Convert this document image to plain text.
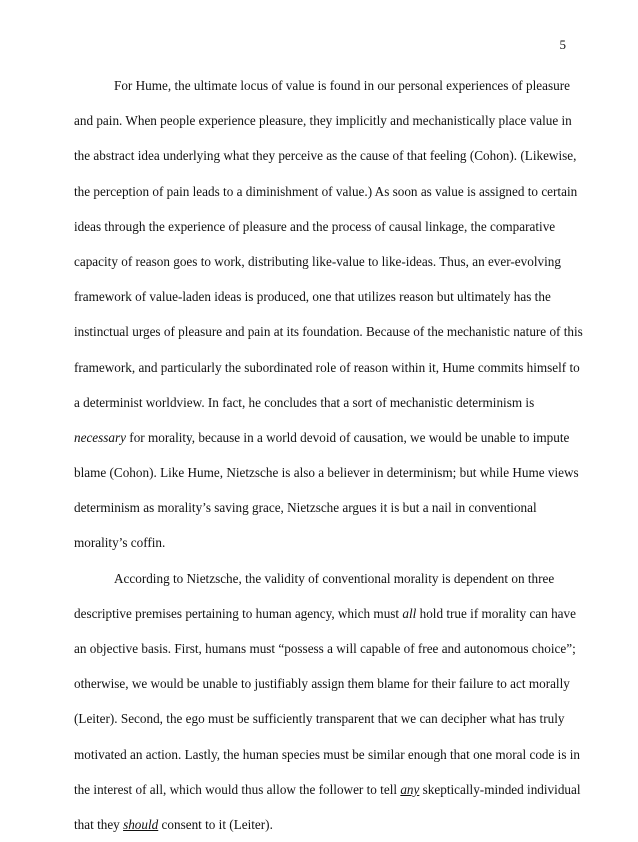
5
For Hume, the ultimate locus of value is found in our personal experiences of pleasure
and pain. When people experience pleasure, they implicitly and mechanistically place value in
the abstract idea underlying what they perceive as the cause of that feeling (Cohon). (Likewise,
the perception of pain leads to a diminishment of value.) As soon as value is assigned to certain
ideas through the experience of pleasure and the process of causal linkage, the comparative
capacity of reason goes to work, distributing like-value to like-ideas. Thus, an ever-evolving
framework of value-laden ideas is produced, one that utilizes reason but ultimately has the
instinctual urges of pleasure and pain at its foundation. Because of the mechanistic nature of this
framework, and particularly the subordinated role of reason within it, Hume commits himself to
a determinist worldview. In fact, he concludes that a sort of mechanistic determinism is
necessary for morality, because in a world devoid of causation, we would be unable to impute
blame (Cohon). Like Hume, Nietzsche is also a believer in determinism; but while Hume views
determinism as morality’s saving grace, Nietzsche argues it is but a nail in conventional
morality’s coffin.
According to Nietzsche, the validity of conventional morality is dependent on three
descriptive premises pertaining to human agency, which must all hold true if morality can have
an objective basis. First, humans must “possess a will capable of free and autonomous choice”;
otherwise, we would be unable to justifiably assign them blame for their failure to act morally
(Leiter). Second, the ego must be sufficiently transparent that we can decipher what has truly
motivated an action. Lastly, the human species must be similar enough that one moral code is in
the interest of all, which would thus allow the follower to tell any skeptically-minded individual
that they should consent to it (Leiter).
